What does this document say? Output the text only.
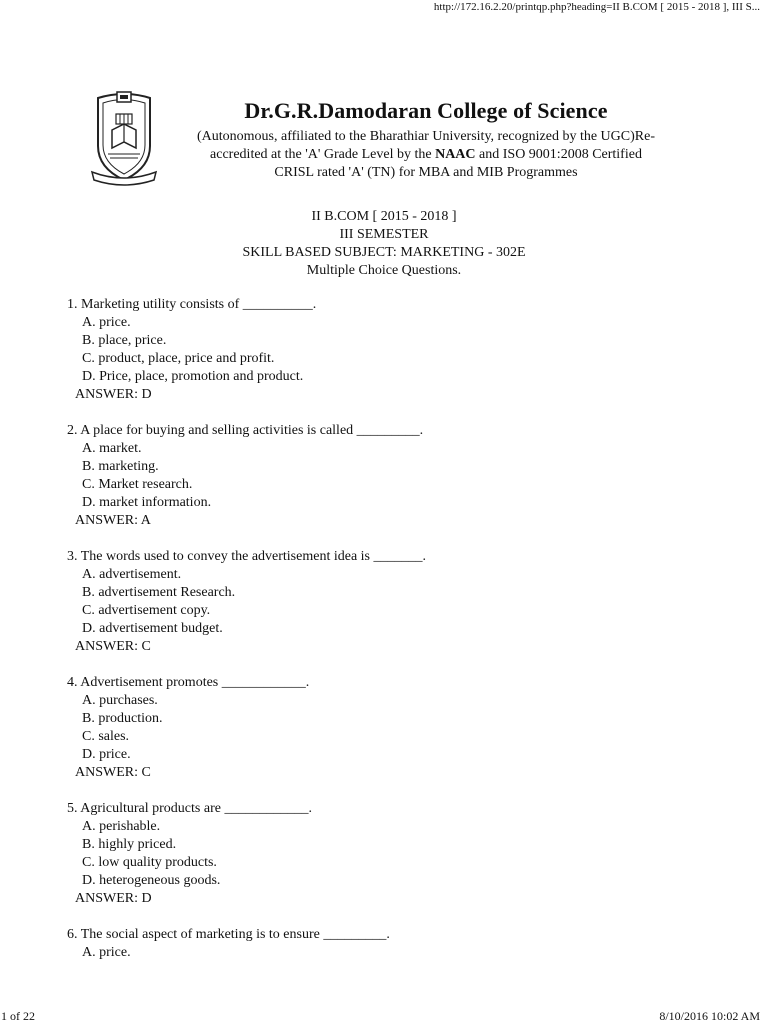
http://172.16.2.20/printqp.php?heading=II B.COM [ 2015 - 2018 ], III S...
Dr.G.R.Damodaran College of Science
(Autonomous, affiliated to the Bharathiar University, recognized by the UGC)Re-
accredited at the 'A' Grade Level by the NAAC and ISO 9001:2008 Certified
CRISL rated 'A' (TN) for MBA and MIB Programmes
II B.COM [ 2015 - 2018 ]
III SEMESTER
SKILL BASED SUBJECT: MARKETING - 302E
Multiple Choice Questions.
1. Marketing utility consists of __________.
A. price.
B. place, price.
C. product, place, price and profit.
D. Price, place, promotion and product.
ANSWER: D
2. A place for buying and selling activities is called _________.
A. market.
B. marketing.
C. Market research.
D. market information.
ANSWER: A
3. The words used to convey the advertisement idea is _______.
A. advertisement.
B. advertisement Research.
C. advertisement copy.
D. advertisement budget.
ANSWER: C
4. Advertisement promotes ____________.
A. purchases.
B. production.
C. sales.
D. price.
ANSWER: C
5. Agricultural products are ____________.
A. perishable.
B. highly priced.
C. low quality products.
D. heterogeneous goods.
ANSWER: D
6. The social aspect of marketing is to ensure _________.
A. price.
1 of 22	8/10/2016 10:02 AM
